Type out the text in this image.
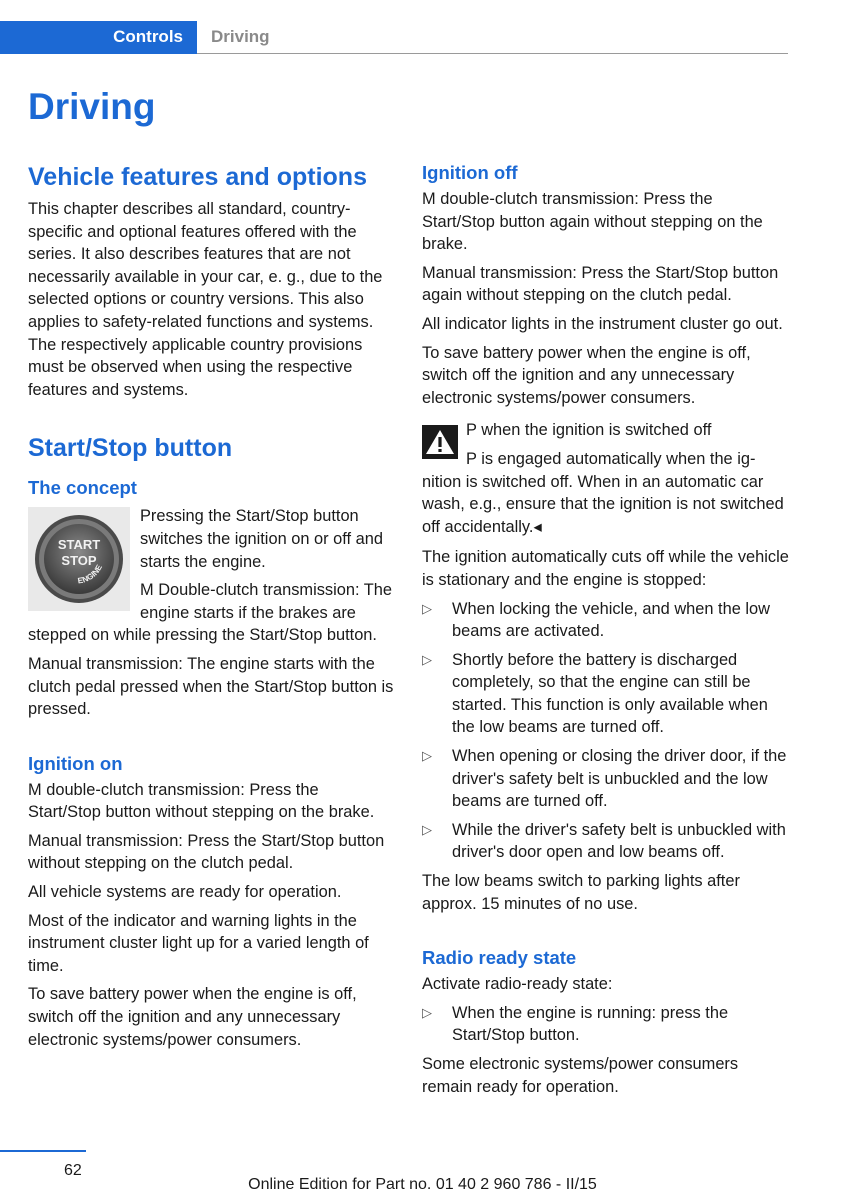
Controls	Driving
Driving
Vehicle features and options

This chapter describes all standard, country-specific and optional features offered with the series. It also describes features that are not necessarily available in your car, e. g., due to the selected options or country versions. This also applies to safety-related functions and systems. The respectively applicable country provisions must be observed when using the respective features and systems.

Start/Stop button
The concept
START
STOP
ENGINE

Pressing the Start/Stop button switches the ignition on or off and starts the engine.

M Double-clutch transmission: The engine starts if the brakes are stepped on while pressing the Start/Stop button.

Manual transmission: The engine starts with the clutch pedal pressed when the Start/Stop button is pressed.

Ignition on

M double-clutch transmission: Press the Start/Stop button without stepping on the brake.

Manual transmission: Press the Start/Stop button without stepping on the clutch pedal.

All vehicle systems are ready for operation.

Most of the indicator and warning lights in the instrument cluster light up for a varied length of time.

To save battery power when the engine is off, switch off the ignition and any unnecessary electronic systems/power consumers.

Ignition off

M double-clutch transmission: Press the Start/Stop button again without stepping on the brake.

Manual transmission: Press the Start/Stop button again without stepping on the clutch pedal.

All indicator lights in the instrument cluster go out.

To save battery power when the engine is off, switch off the ignition and any unnecessary electronic systems/power consumers.

P when the ignition is switched off

P is engaged automatically when the ig-

nition is switched off. When in an automatic car wash, e.g., ensure that the ignition is not switched off accidentally.◂

The ignition automatically cuts off while the vehicle is stationary and the engine is stopped:

▷ When locking the vehicle, and when the low beams are activated.
▷ Shortly before the battery is discharged completely, so that the engine can still be started. This function is only available when the low beams are turned off.
▷ When opening or closing the driver door, if the driver's safety belt is unbuckled and the low beams are turned off.
▷ While the driver's safety belt is unbuckled with driver's door open and low beams off.

The low beams switch to parking lights after approx. 15 minutes of no use.

Radio ready state

Activate radio-ready state:

▷ When the engine is running: press the Start/Stop button.

Some electronic systems/power consumers remain ready for operation.

62
Online Edition for Part no. 01 40 2 960 786 - II/15
